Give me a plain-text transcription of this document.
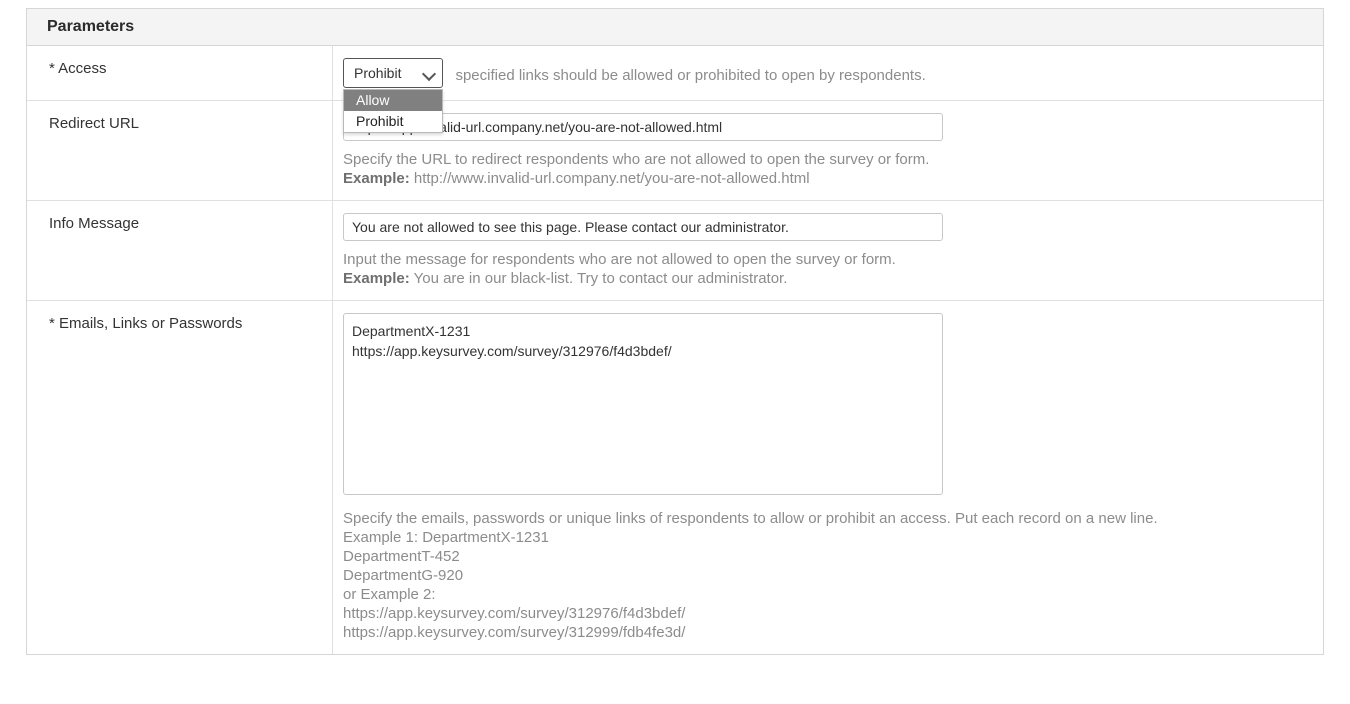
Parameters
* Access	Prohibit
Allow
Prohibit
specified links should be allowed or prohibited to open by respondents.
Redirect URL
https://app.invalid-url.company.net/you-are-not-allowed.html
Specify the URL to redirect respondents who are not allowed to open the survey or form.
Example: http://www.invalid-url.company.net/you-are-not-allowed.html
Info Message
You are not allowed to see this page. Please contact our administrator.
Input the message for respondents who are not allowed to open the survey or form.
Example: You are in our black-list. Try to contact our administrator.
* Emails, Links or Passwords
DepartmentX-1231 https://app.keysurvey.com/survey/312976/f4d3bdef/
Specify the emails, passwords or unique links of respondents to allow or prohibit an access. Put each record on a new line.
Example 1: DepartmentX-1231
DepartmentT-452
DepartmentG-920
or Example 2:
https://app.keysurvey.com/survey/312976/f4d3bdef/
https://app.keysurvey.com/survey/312999/fdb4fe3d/
